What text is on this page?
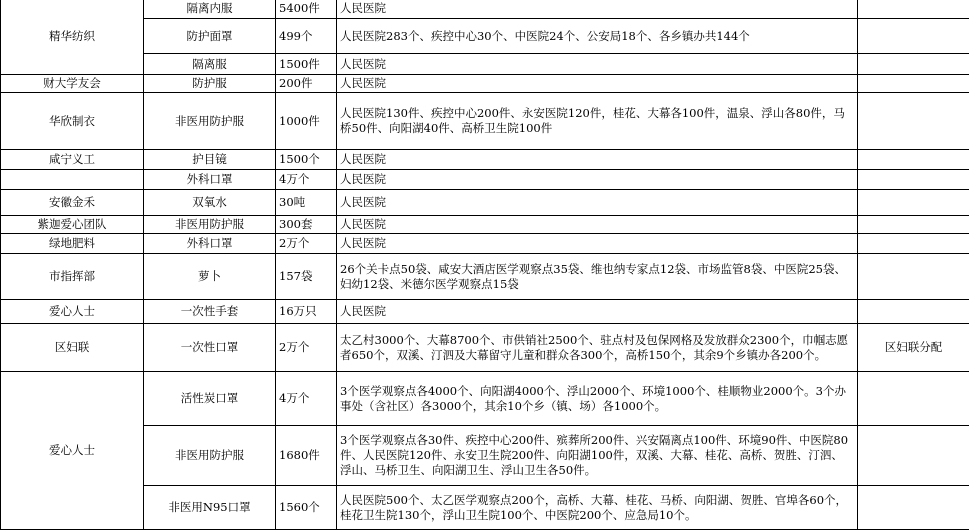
精华纺织	隔离内服	5400件	人民医院	
	防护面罩	499个	人民医院283个、疾控中心30个、中医院24个、公安局18个、各乡镇办共144个	
	隔离服	1500件	人民医院	
财大学友会	防护服	200件	人民医院	
华欣制衣	非医用防护服	1000件	人民医院130件、疾控中心200件、永安医院120件，桂花、大幕各100件，温泉、浮山各80件，马桥50件、向阳湖40件、高桥卫生院100件	
咸宁义工	护目镜	1500个	人民医院	
	外科口罩	4万个	人民医院	
安徽金禾	双氧水	30吨	人民医院	
紫迦爱心团队	非医用防护服	300套	人民医院	
绿地肥料	外科口罩	2万个	人民医院	
市指挥部	萝卜	157袋	26个关卡点50袋、咸安大酒店医学观察点35袋、维也纳专家点12袋、市场监管8袋、中医院25袋、妇幼12袋、米德尔医学观察点15袋	
爱心人士	一次性手套	16万只	人民医院	
区妇联	一次性口罩	2万个	太乙村3000个、大幕8700个、市供销社2500个、驻点村及包保网格及发放群众2300个，巾帼志愿者650个，双溪、汀泗及大幕留守儿童和群众各300个，高桥150个，其余9个乡镇办各200个。	区妇联分配
爱心人士	活性炭口罩	4万个	3个医学观察点各4000个、向阳湖4000个、浮山2000个、环境1000个、桂顺物业2000个。3个办事处（含社区）各3000个，其余10个乡（镇、场）各1000个。	
	非医用防护服	1680件	3个医学观察点各30件、疾控中心200件、殡葬所200件、兴安隔离点100件、环境90件、中医院80件、人民医院120件、永安卫生院200件、向阳湖100件，双溪、大幕、桂花、高桥、贺胜、汀泗、浮山、马桥卫生、向阳湖卫生、浮山卫生各50件。	
	非医用N95口罩	1560个	人民医院500个、太乙医学观察点200个，高桥、大幕、桂花、马桥、向阳湖、贺胜、官埠各60个，桂花卫生院130个，浮山卫生院100个、中医院200个、应急局10个。	
